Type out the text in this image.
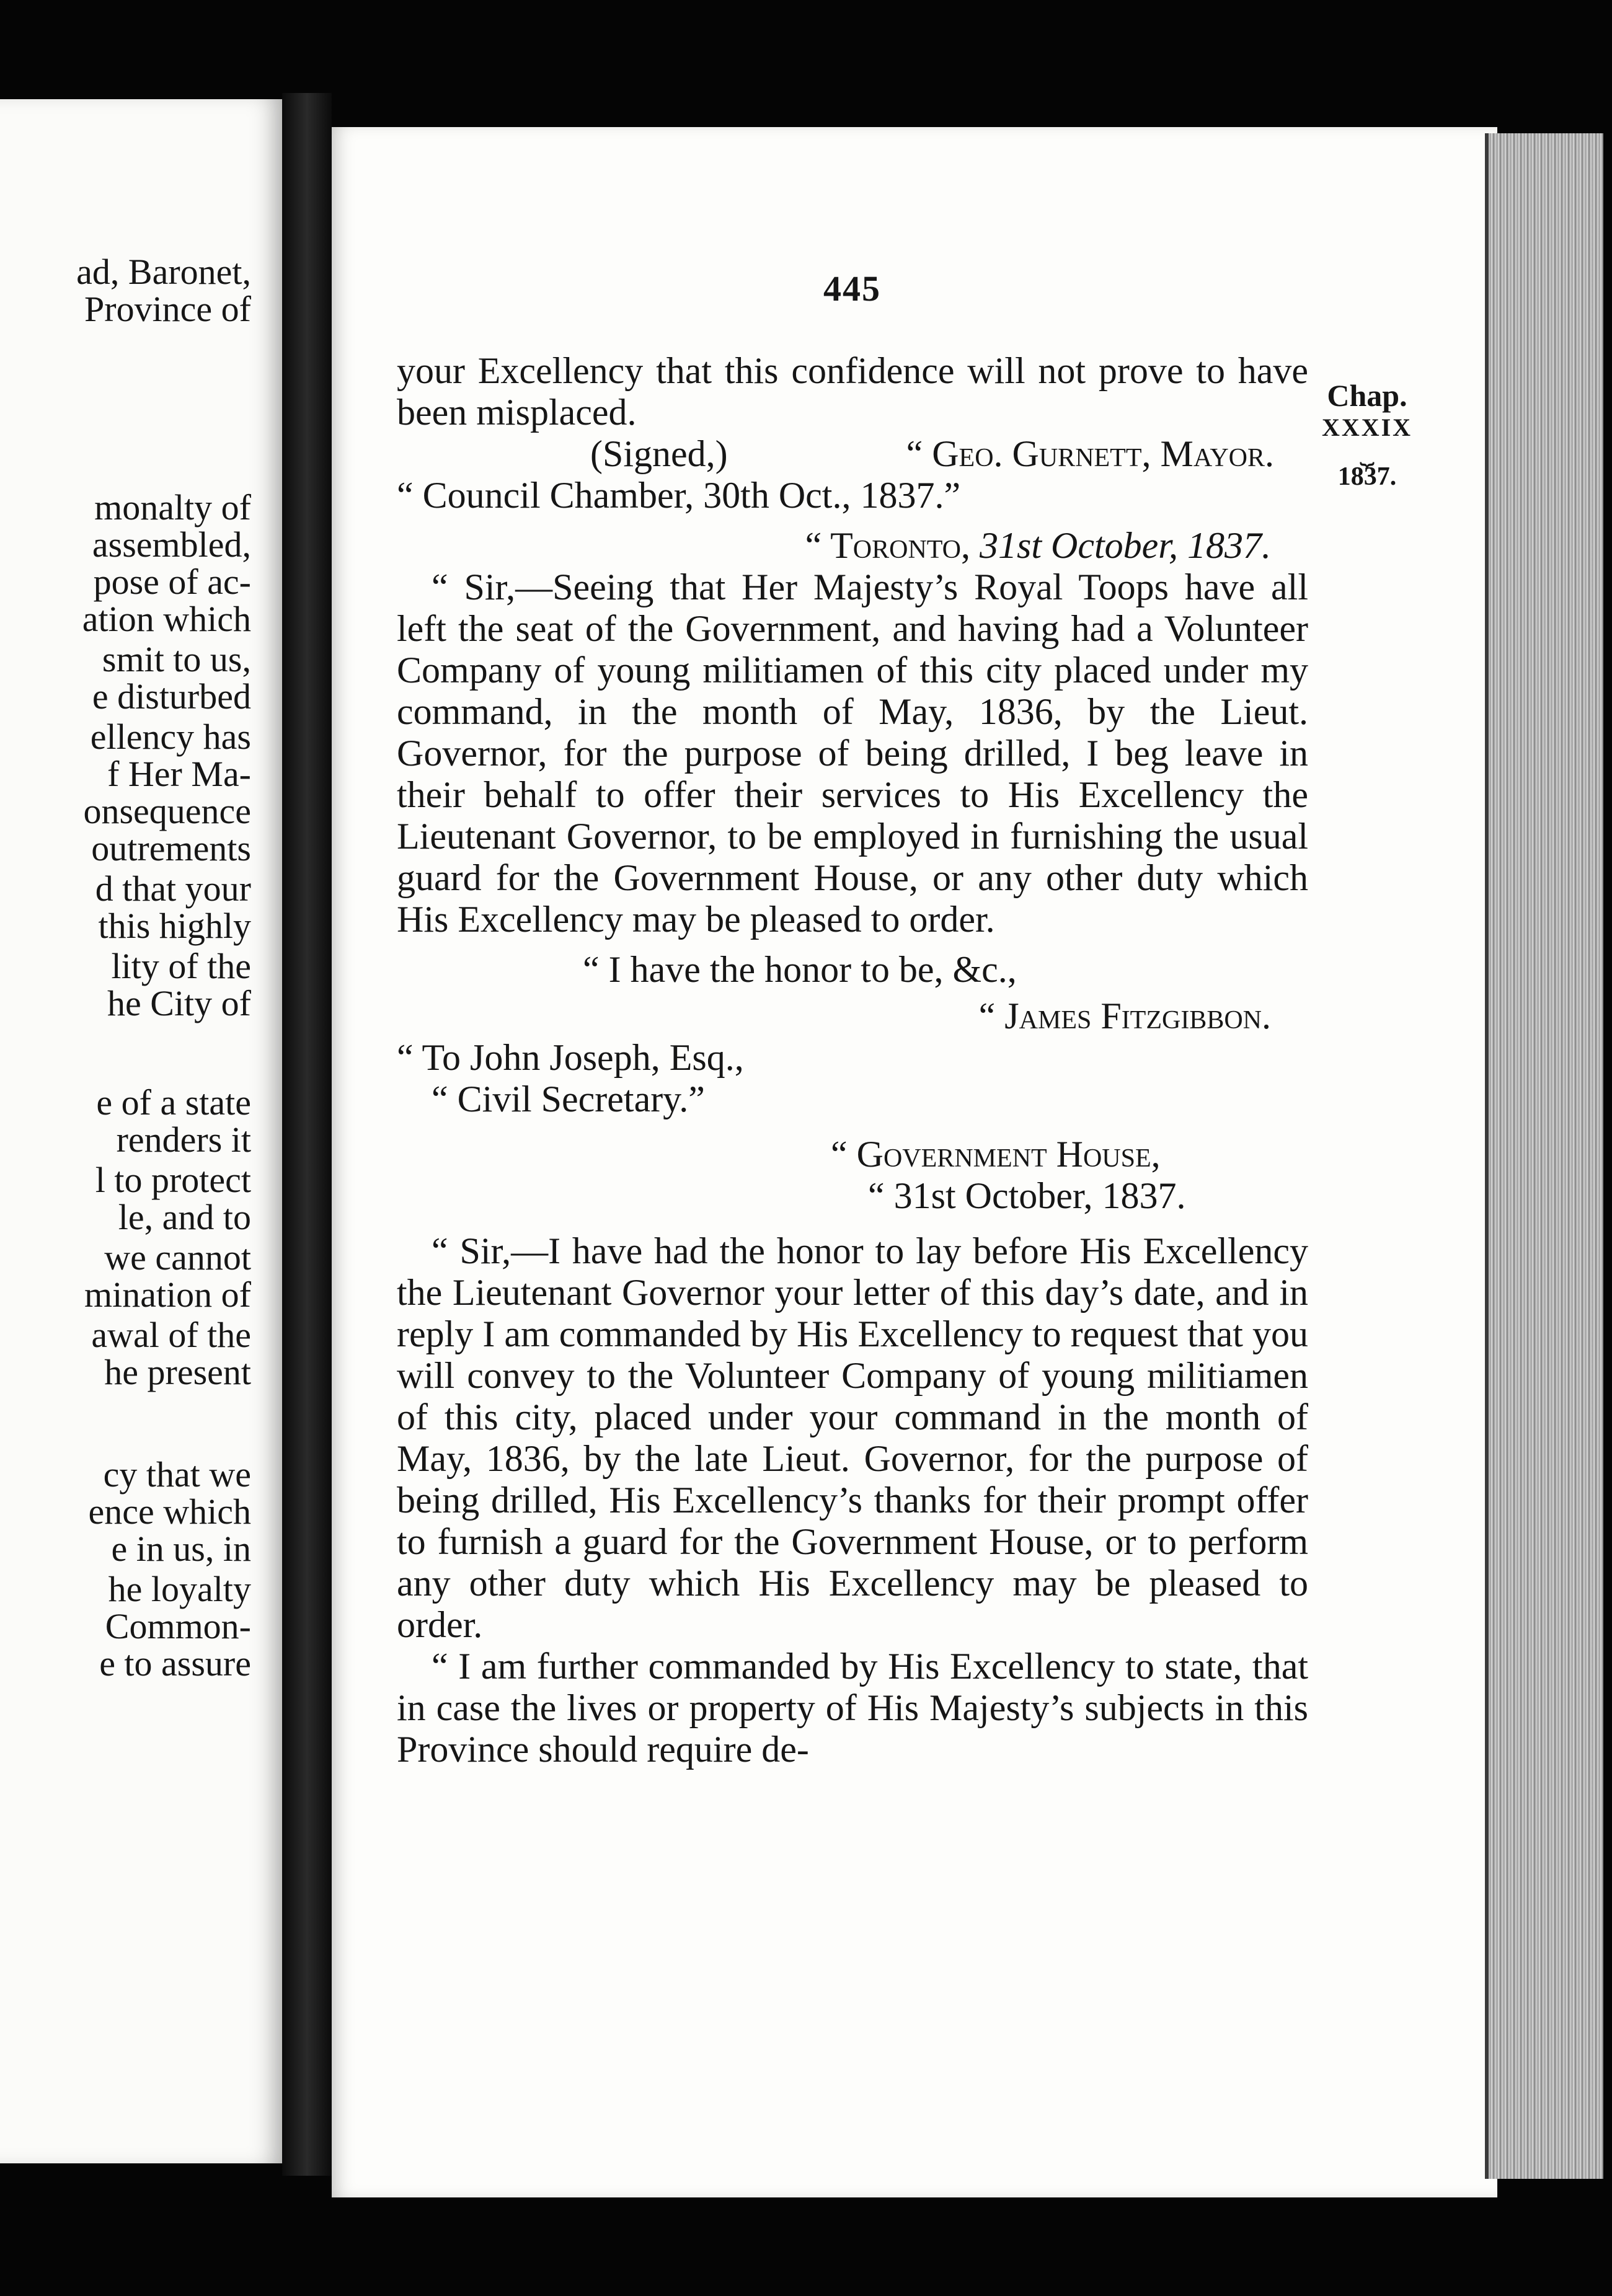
ad, Baronet,
Province of
monalty of
assembled,
pose of ac-
ation which
smit to us,
e disturbed
ellency has
f Her Ma-
onsequence
outrements
d that your
this highly
lity of the
he City of
e of a state
renders it
l to protect
le, and to
we cannot
mination of
awal of the
he present
cy that we
ence which
e in us, in
he loyalty
Common-
e to assure
445
Chap.
XXXIX
⏟
1837.

your Excellency that this confidence will not prove to have been misplaced.

(Signed,)	“ Geo. Gurnett, Mayor.

“ Council Chamber, 30th Oct., 1837.”

“ Toronto, 31st October, 1837.

“ Sir,—Seeing that Her Majesty’s Royal Toops have all left the seat of the Government, and having had a Volunteer Company of young militiamen of this city placed under my command, in the month of May, 1836, by the Lieut. Governor, for the purpose of being drilled, I beg leave in their behalf to offer their services to His Excellency the Lieutenant Governor, to be employed in furnishing the usual guard for the Government House, or any other duty which His Excellency may be pleased to order.

“ I have the honor to be, &c.,

“ James Fitzgibbon.

“ To John Joseph, Esq.,

“ Civil Secretary.”

“ Government House,

“ 31st October, 1837.

“ Sir,—I have had the honor to lay before His Excellency the Lieutenant Governor your letter of this day’s date, and in reply I am commanded by His Excellency to request that you will convey to the Volunteer Company of young militiamen of this city, placed under your command in the month of May, 1836, by the late Lieut. Governor, for the purpose of being drilled, His Excellency’s thanks for their prompt offer to furnish a guard for the Government House, or to perform any other duty which His Excellency may be pleased to order.

“ I am further commanded by His Excellency to state, that in case the lives or property of His Majesty’s subjects in this Province should require de-
